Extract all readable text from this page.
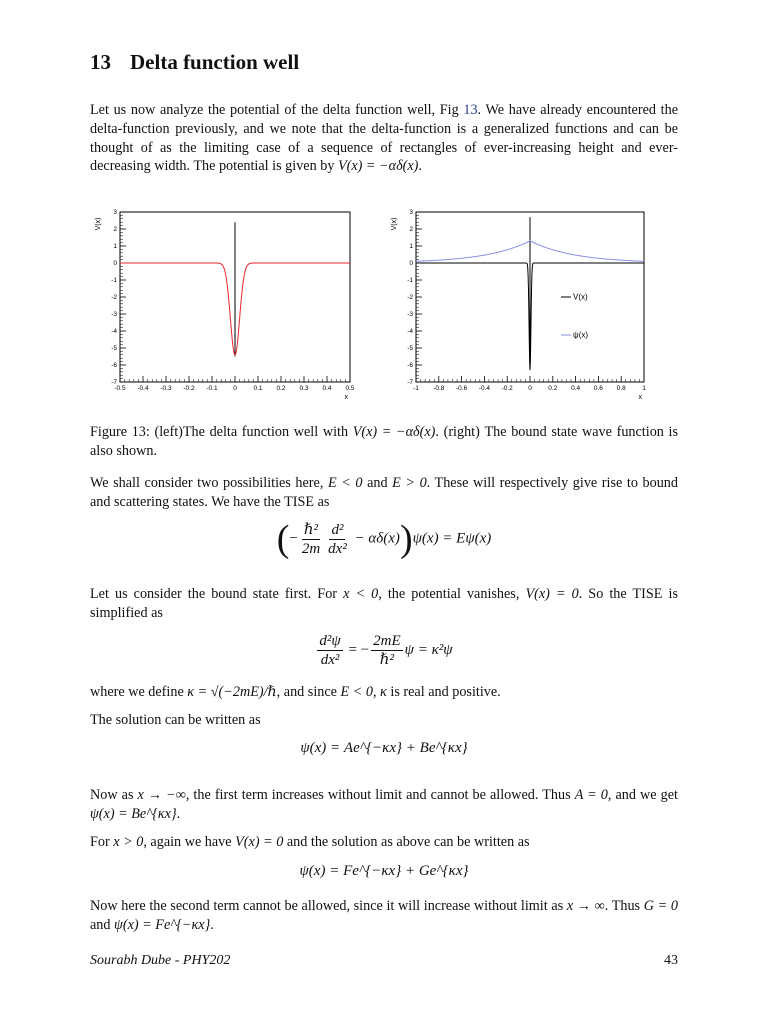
13 Delta function well

Let us now analyze the potential of the delta function well, Fig 13. We have already encountered the delta-function previously, and we note that the delta-function is a generalized functions and can be thought of as the limiting case of a sequence of rectangles of ever-increasing height and ever-decreasing width. The potential is given by V(x) = −αδ(x).

3
2
1
0
-1
-2
-3
-4
-5
-6
-7
-0.5 -0.4 -0.3 -0.2 -0.1 0	0.1 0.2 0.3 0.4 0.5
V(x)
x
3
2
1
0
-1
-2
-3
-4
-5
-6
-7
-1 -0.8 -0.6 -0.4 -0.2 0	0.2 0.4 0.6 0.8	1
V(x)
x
V(x)
ψ(x)

Figure 13: (left)The delta function well with V(x) = −αδ(x). (right) The bound state wave function is also shown.

We shall consider two possibilities here, E < 0 and E > 0. These will respectively give rise to bound and scattering states. We have the TISE as

(− $\frac{\text{ℏ²}}{2m} \frac{\text{d²}}{\text{dx²}} - \alpha\delta(x))\psi(x) = E\psi(x)$

Let us consider the bound state first. For x < 0, the potential vanishes, V(x) = 0. So the TISE is simplified as

$\frac{\text{d²ψ}}{\text{dx²}}$ = − $\frac{2mE}{\text{ℏ²}}$ ψ = κ²ψ

where we define κ = √(−2mE)/ℏ, and since E < 0, κ is real and positive.

The solution can be written as

ψ(x) = Ae^{−κx} + Be^{κx}

Now as x → −∞, the first term increases without limit and cannot be allowed. Thus A = 0, and we get ψ(x) = Be^{κx}.

For x > 0, again we have V(x) = 0 and the solution as above can be written as

ψ(x) = Fe^{−κx} + Ge^{κx}

Now here the second term cannot be allowed, since it will increase without limit as x → ∞. Thus G = 0 and ψ(x) = Fe^{−κx}.

Sourabh Dube - PHY202	43
